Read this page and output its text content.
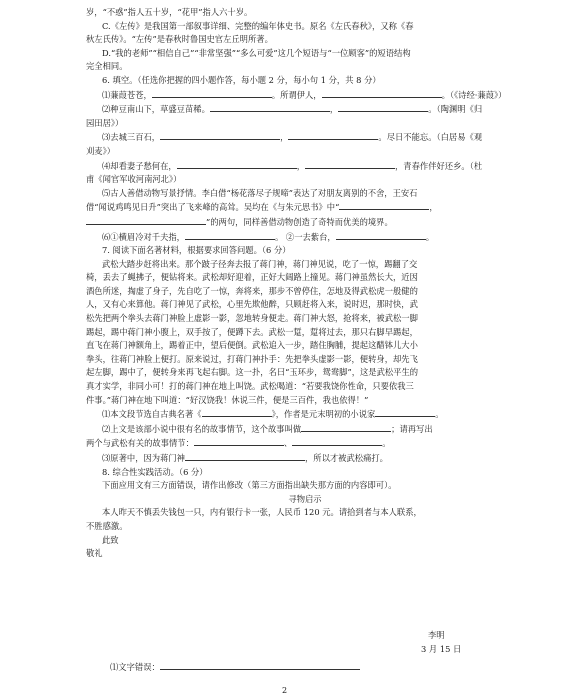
岁，“不惑”指人五十岁，“花甲”指人六十岁。
C.《左传》是我国第一部叙事详细、完整的编年体史书。原名《左氏春秋》，又称《春
秋左氏传》。“左传”是春秋时鲁国史官左丘明所著。
D.“我的老师”“相信自己”“非常坚强”“多么可爱”这几个短语与“一位顾客”的短语结构
完全相同。
6. 填空。（任选你把握的四小题作答，每小题 2 分，每小句 1 分，共 8 分）
⑴蒹葭苍苍，	。所谓伊人，	。（《诗经·蒹葭》）
⑵种豆南山下，草盛豆苗稀。	，	。（陶渊明《归
园田居》）
⑶去城三百石，	，	。尽日不能忘。（白居易《观
刈麦》）
⑷却看妻子愁何在，	，	，青春作伴好还乡。（杜
甫《闻官军收河南河北》）
⑸古人善借动物写景抒情。李白借“杨花落尽子规啼”表达了对朋友离别的不舍，王安石
借“闻说鸡鸣见日升”突出了飞来峰的高耸。吴均在《与朱元思书》中“	，
”的两句，同样善借动物创造了奇特而优美的境界。
⑹①横眉冷对千夫指，	。 ②一去紫台，	。
7. 阅读下面名著材料，根据要求回答问题。（6 分）
武松大踏步赶将出来。那个跛子径奔去报了蒋门神，蒋门神见说，吃了一惊，踢翻了交
椅，丢去了蝇拂子，便钻将来。武松却好迎着，正好大阔路上撞见。蒋门神虽然长大，近因
酒色所迷，掏虚了身子，先自吃了一惊，奔将来，那步不曾停住，怎地及得武松虎一般健的
人，又有心来算他。蒋门神见了武松，心里先欺他醉，只顾赶将入来，说时迟，那时快，武
松先把两个拳头去蒋门神脸上虚影一影，忽地转身便走。蒋门神大怒，抢将来，被武松一脚
踢起，踢中蒋门神小腹上，双手按了，便蹲下去。武松一踅，踅将过去，那只右脚早踢起，
直飞在蒋门神额角上，踢着正中，望后便倒。武松追入一步，踏住胸脯，提起这醋钵儿大小
拳头，往蒋门神脸上便打。原来说过，打蒋门神扑手：先把拳头虚影一影，便转身，却先飞
起左脚，踢中了，便转身来再飞起右脚。这一扑，名曰“玉环步，鸳鸯脚”，这是武松平生的
真才实学，非同小可！打的蒋门神在地上叫饶。武松喝道：“若要我饶你性命，只要依我三
件事。”蒋门神在地下叫道：“好汉饶我！休说三件，便是三百件，我也依得！”
⑴本文段节选自古典名著《	》，作者是元末明初的小说家	。
⑵上文是该部小说中很有名的故事情节，这个故事叫做	；请再写出
两个与武松有关的故事情节：	、	。
⑶原著中，因为蒋门神	，所以才被武松痛打。
8. 综合性实践活动。（6 分）
下面应用文有三方面错误，请作出修改（第三方面指出缺失那方面的内容即可）。
寻物启示
本人昨天不慎丢失钱包一只，内有银行卡一张，人民币 120 元。请拾到者与本人联系，
不胜感激。
此致
敬礼
李明
3 月 15 日
⑴文字错误：
2
